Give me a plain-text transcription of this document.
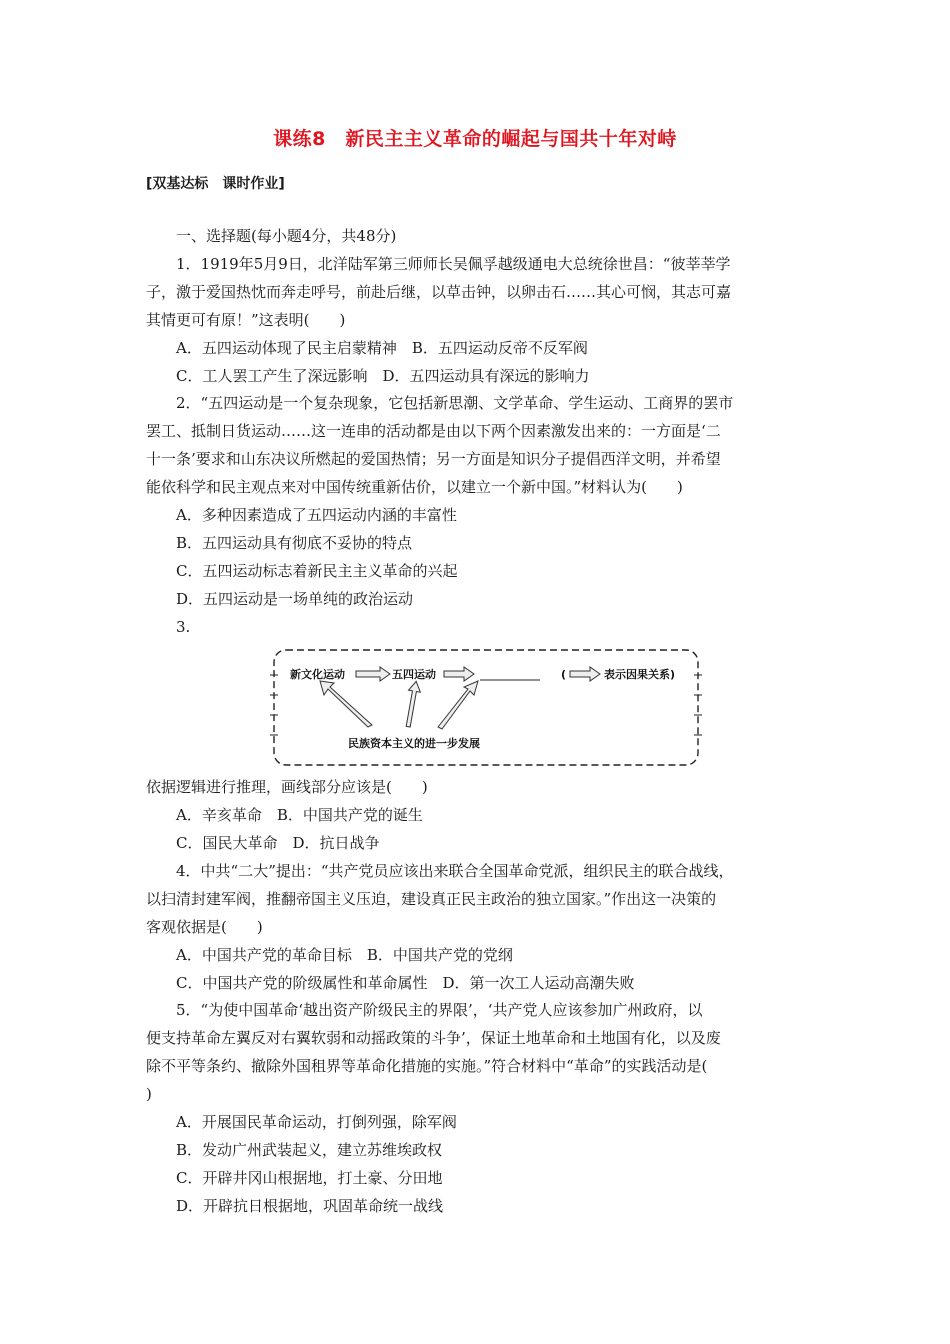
课练8　新民主主义革命的崛起与国共十年对峙
[双基达标　课时作业]
一、选择题(每小题4分，共48分)
1．1919年5月9日，北洋陆军第三师师长吴佩孚越级通电大总统徐世昌：“彼莘莘学
子，激于爱国热忱而奔走呼号，前赴后继，以草击钟，以卵击石……其心可悯，其志可嘉
其情更可有原！”这表明(　　)
A．五四运动体现了民主启蒙精神　B．五四运动反帝不反军阀
C．工人罢工产生了深远影响　D．五四运动具有深远的影响力
2．“五四运动是一个复杂现象，它包括新思潮、文学革命、学生运动、工商界的罢市
罢工、抵制日货运动……这一连串的活动都是由以下两个因素激发出来的：一方面是‘二
十一条’要求和山东决议所燃起的爱国热情；另一方面是知识分子提倡西洋文明，并希望
能依科学和民主观点来对中国传统重新估价，以建立一个新中国。”材料认为(　　)
A．多种因素造成了五四运动内涵的丰富性
B．五四运动具有彻底不妥协的特点
C．五四运动标志着新民主主义革命的兴起
D．五四运动是一场单纯的政治运动
3.
新文化运动	五四运动	(	表示因果关系)
民族资本主义的进一步发展
依据逻辑进行推理，画线部分应该是(　　)
A．辛亥革命　B．中国共产党的诞生
C．国民大革命　D．抗日战争
4．中共“二大”提出：“共产党员应该出来联合全国革命党派，组织民主的联合战线，
以扫清封建军阀，推翻帝国主义压迫，建设真正民主政治的独立国家。”作出这一决策的
客观依据是(　　)
A．中国共产党的革命目标　B．中国共产党的党纲
C．中国共产党的阶级属性和革命属性　D．第一次工人运动高潮失败
5．“为使中国革命‘越出资产阶级民主的界限’，‘共产党人应该参加广州政府，以
便支持革命左翼反对右翼软弱和动摇政策的斗争’，保证土地革命和土地国有化，以及废
除不平等条约、撤除外国租界等革命化措施的实施。”符合材料中“革命”的实践活动是(
)
A．开展国民革命运动，打倒列强，除军阀
B．发动广州武装起义，建立苏维埃政权
C．开辟井冈山根据地，打土豪、分田地
D．开辟抗日根据地，巩固革命统一战线
